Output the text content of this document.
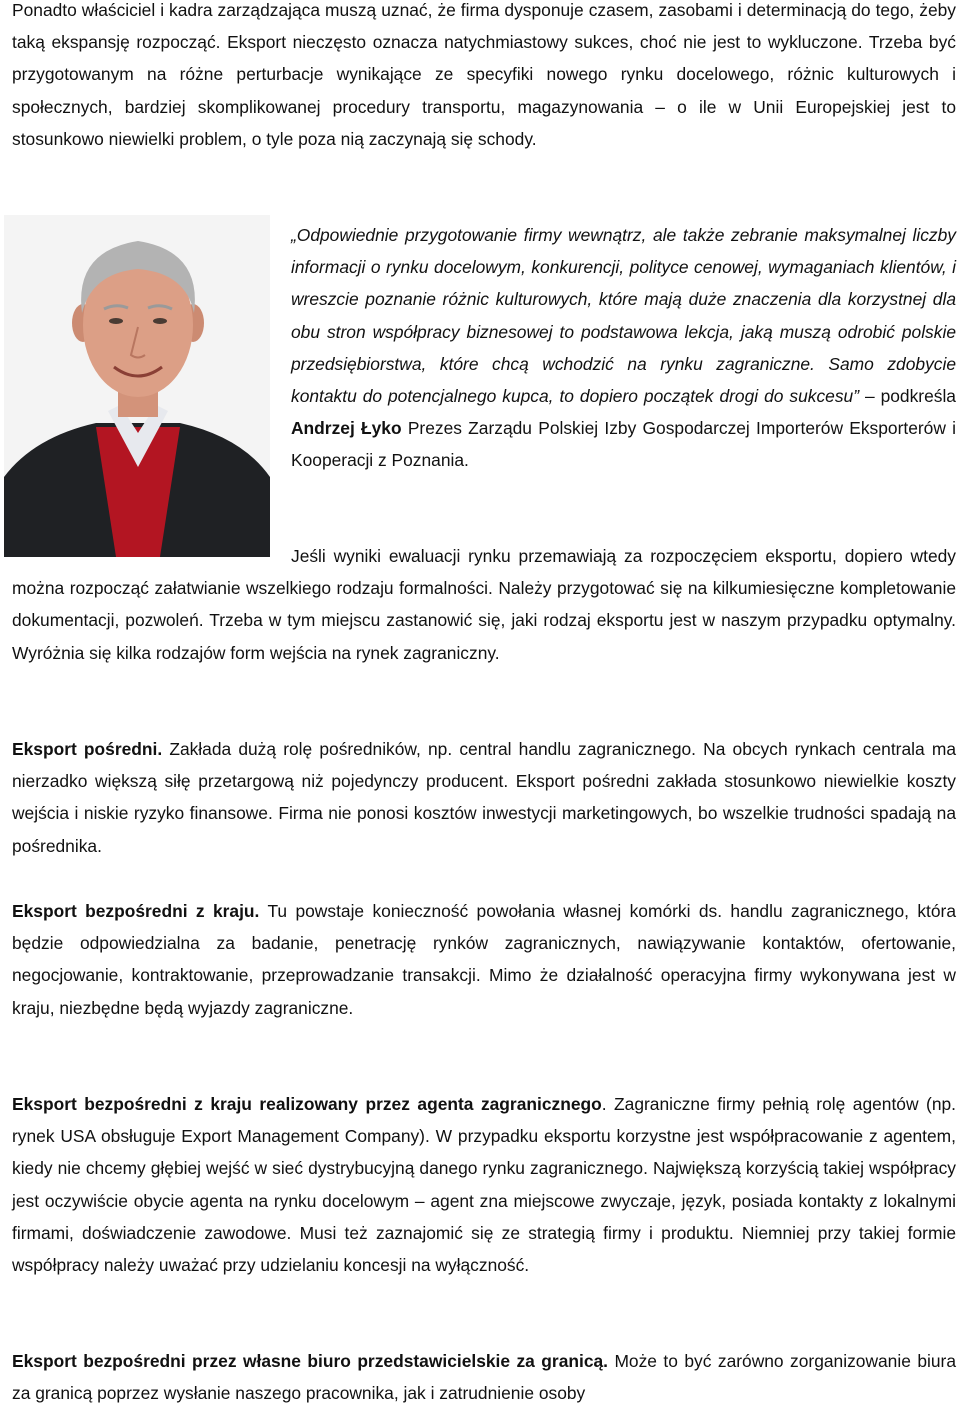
Ponadto właściciel i kadra zarządzająca muszą uznać, że firma dysponuje czasem, zasobami i determinacją do tego, żeby taką ekspansję rozpocząć. Eksport nieczęsto oznacza natychmiastowy sukces, choć nie jest to wykluczone. Trzeba być przygotowanym na różne perturbacje wynikające ze specyfiki nowego rynku docelowego, różnic kulturowych i społecznych, bardziej skomplikowanej procedury transportu, magazynowania – o ile w Unii Europejskiej jest to stosunkowo niewielki problem, o tyle poza nią zaczynają się schody.

„Odpowiednie przygotowanie firmy wewnątrz, ale także zebranie maksymalnej liczby informacji o rynku docelowym, konkurencji, polityce cenowej, wymaganiach klientów, i wreszcie poznanie różnic kulturowych, które mają duże znaczenia dla korzystnej dla obu stron współpracy biznesowej to podstawowa lekcja, jaką muszą odrobić polskie przedsiębiorstwa, które chcą wchodzić na rynku zagraniczne. Samo zdobycie kontaktu do potencjalnego kupca, to dopiero początek drogi do sukcesu” – podkreśla Andrzej Łyko Prezes Zarządu Polskiej Izby Gospodarczej Importerów Eksporterów i Kooperacji z Poznania.

Jeśli wyniki ewaluacji rynku przemawiają za rozpoczęciem eksportu, dopiero wtedy można rozpocząć załatwianie wszelkiego rodzaju formalności. Należy przygotować się na kilkumiesięczne kompletowanie dokumentacji, pozwoleń. Trzeba w tym miejscu zastanowić się, jaki rodzaj eksportu jest w naszym przypadku optymalny. Wyróżnia się kilka rodzajów form wejścia na rynek zagraniczny.

Eksport pośredni. Zakłada dużą rolę pośredników, np. central handlu zagranicznego. Na obcych rynkach centrala ma nierzadko większą siłę przetargową niż pojedynczy producent. Eksport pośredni zakłada stosunkowo niewielkie koszty wejścia i niskie ryzyko finansowe. Firma nie ponosi kosztów inwestycji marketingowych, bo wszelkie trudności spadają na pośrednika.

Eksport bezpośredni z kraju. Tu powstaje konieczność powołania własnej komórki ds. handlu zagranicznego, która będzie odpowiedzialna za badanie, penetrację rynków zagranicznych, nawiązywanie kontaktów, ofertowanie, negocjowanie, kontraktowanie, przeprowadzanie transakcji. Mimo że działalność operacyjna firmy wykonywana jest w kraju, niezbędne będą wyjazdy zagraniczne.

Eksport bezpośredni z kraju realizowany przez agenta zagranicznego. Zagraniczne firmy pełnią rolę agentów (np. rynek USA obsługuje Export Management Company). W przypadku eksportu korzystne jest współpracowanie z agentem, kiedy nie chcemy głębiej wejść w sieć dystrybucyjną danego rynku zagranicznego. Największą korzyścią takiej współpracy jest oczywiście obycie agenta na rynku docelowym – agent zna miejscowe zwyczaje, język, posiada kontakty z lokalnymi firmami, doświadczenie zawodowe. Musi też zaznajomić się ze strategią firmy i produktu. Niemniej przy takiej formie współpracy należy uważać przy udzielaniu koncesji na wyłączność.

Eksport bezpośredni przez własne biuro przedstawicielskie za granicą. Może to być zarówno zorganizowanie biura za granicą poprzez wysłanie naszego pracownika, jak i zatrudnienie osoby
